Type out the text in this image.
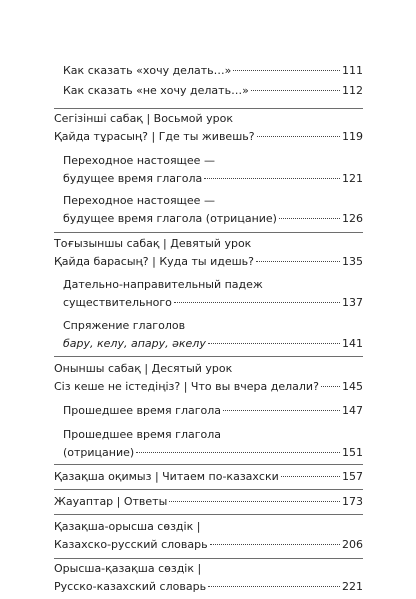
Как сказать «хочу делать…»	111
Как сказать «не хочу делать…»	112
Сегізінші сабақ | Восьмой урок
Қайда тұрасың? | Где ты живешь?	119
Переходное настоящее —
будущее время глагола	121
Переходное настоящее —
будущее время глагола (отрицание)	126
Тоғызыншы сабақ | Девятый урок
Қайда барасың? | Куда ты идешь?	135
Дательно-направительный падеж
существительного	137
Спряжение глаголов
бару, келу, апару, әкелу	141
Оныншы сабақ | Десятый урок
Сіз кеше не істедіңіз? | Что вы вчера делали? 145
Прошедшее время глагола	147
Прошедшее время глагола
(отрицание)	151
Қазақша оқимыз | Читаем по-казахски	157
Жауаптар | Ответы	173
Қазақша-орысша сөздік |
Казахско-русский словарь	206
Орысша-қазақша сөздік |
Русско-казахский словарь	221
